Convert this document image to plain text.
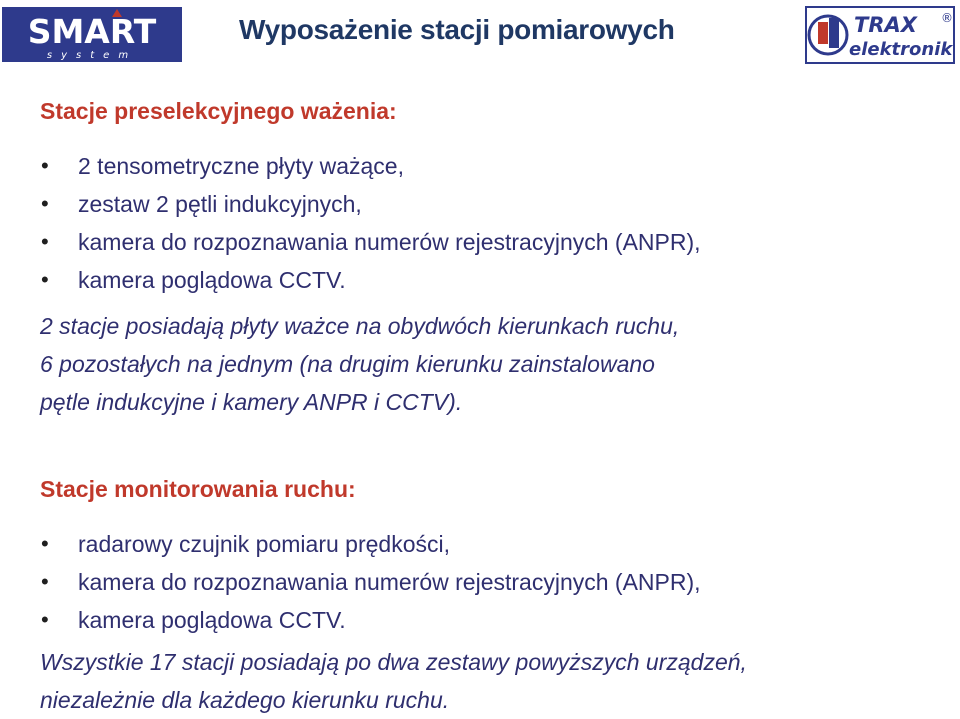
SMART
system
Wyposażenie stacji pomiarowych	TRAX ®
elektronik
Stacje preselekcyjnego ważenia:
• 2 tensometryczne płyty ważące,
• zestaw 2 pętli indukcyjnych,
• kamera do rozpoznawania numerów rejestracyjnych (ANPR),
• kamera poglądowa CCTV.

2 stacje posiadają płyty ważce na obydwóch kierunkach ruchu,
6 pozostałych na jednym (na drugim kierunku zainstalowano
pętle indukcyjne i kamery ANPR i CCTV).

Stacje monitorowania ruchu:
• radarowy czujnik pomiaru prędkości,
• kamera do rozpoznawania numerów rejestracyjnych (ANPR),
• kamera poglądowa CCTV.

Wszystkie 17 stacji posiadają po dwa zestawy powyższych urządzeń,
niezależnie dla każdego kierunku ruchu.
